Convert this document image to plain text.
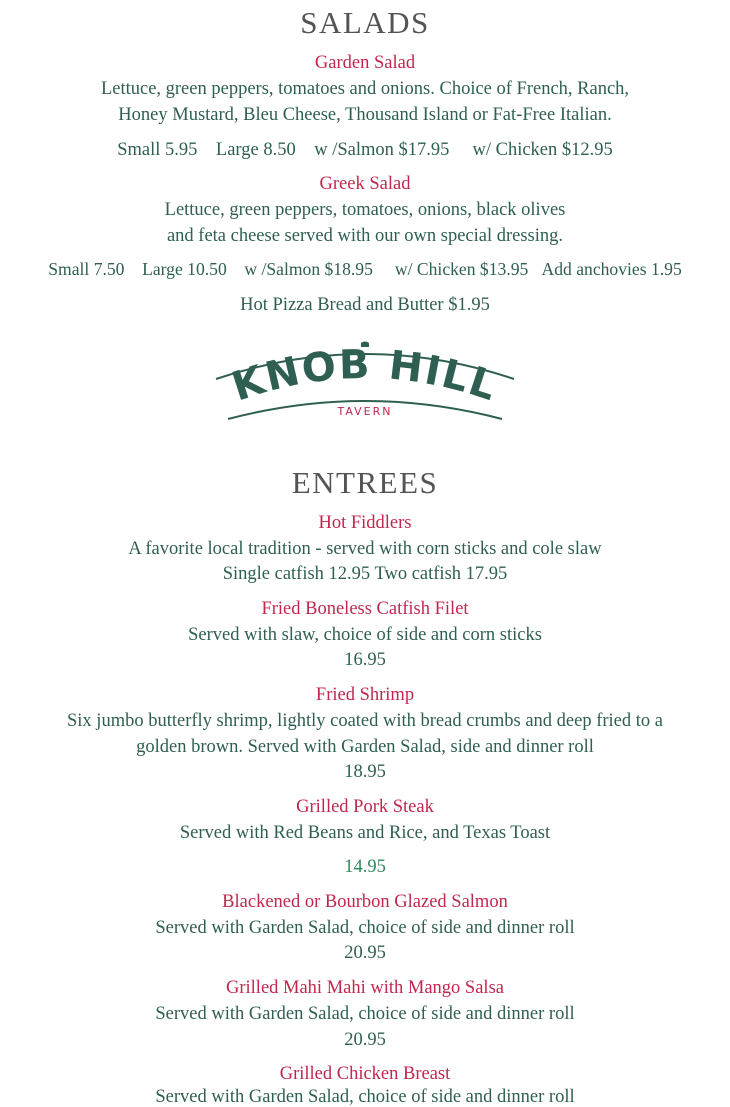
SALADS
Garden Salad
Lettuce, green peppers, tomatoes and onions. Choice of French, Ranch,
Honey Mustard, Bleu Cheese, Thousand Island or Fat-Free Italian.
Small 5.95 Large 8.50 w /Salmon $17.95 w/ Chicken $12.95
Greek Salad
Lettuce, green peppers, tomatoes, onions, black olives
and feta cheese served with our own special dressing.
Small 7.50 Large 10.50 w /Salmon $18.95 w/ Chicken $13.95 Add anchovies 1.95
Hot Pizza Bread and Butter $1.95
KNOB HILL
TAVERN
ENTREES
Hot Fiddlers
A favorite local tradition - served with corn sticks and cole slaw
Single catfish 12.95 Two catfish 17.95
Fried Boneless Catfish Filet
Served with slaw, choice of side and corn sticks
16.95
Fried Shrimp
Six jumbo butterfly shrimp, lightly coated with bread crumbs and deep fried to a
golden brown. Served with Garden Salad, side and dinner roll
18.95
Grilled Pork Steak
Served with Red Beans and Rice, and Texas Toast
14.95
Blackened or Bourbon Glazed Salmon
Served with Garden Salad, choice of side and dinner roll
20.95
Grilled Mahi Mahi with Mango Salsa
Served with Garden Salad, choice of side and dinner roll
20.95
Grilled Chicken Breast
Served with Garden Salad, choice of side and dinner roll
